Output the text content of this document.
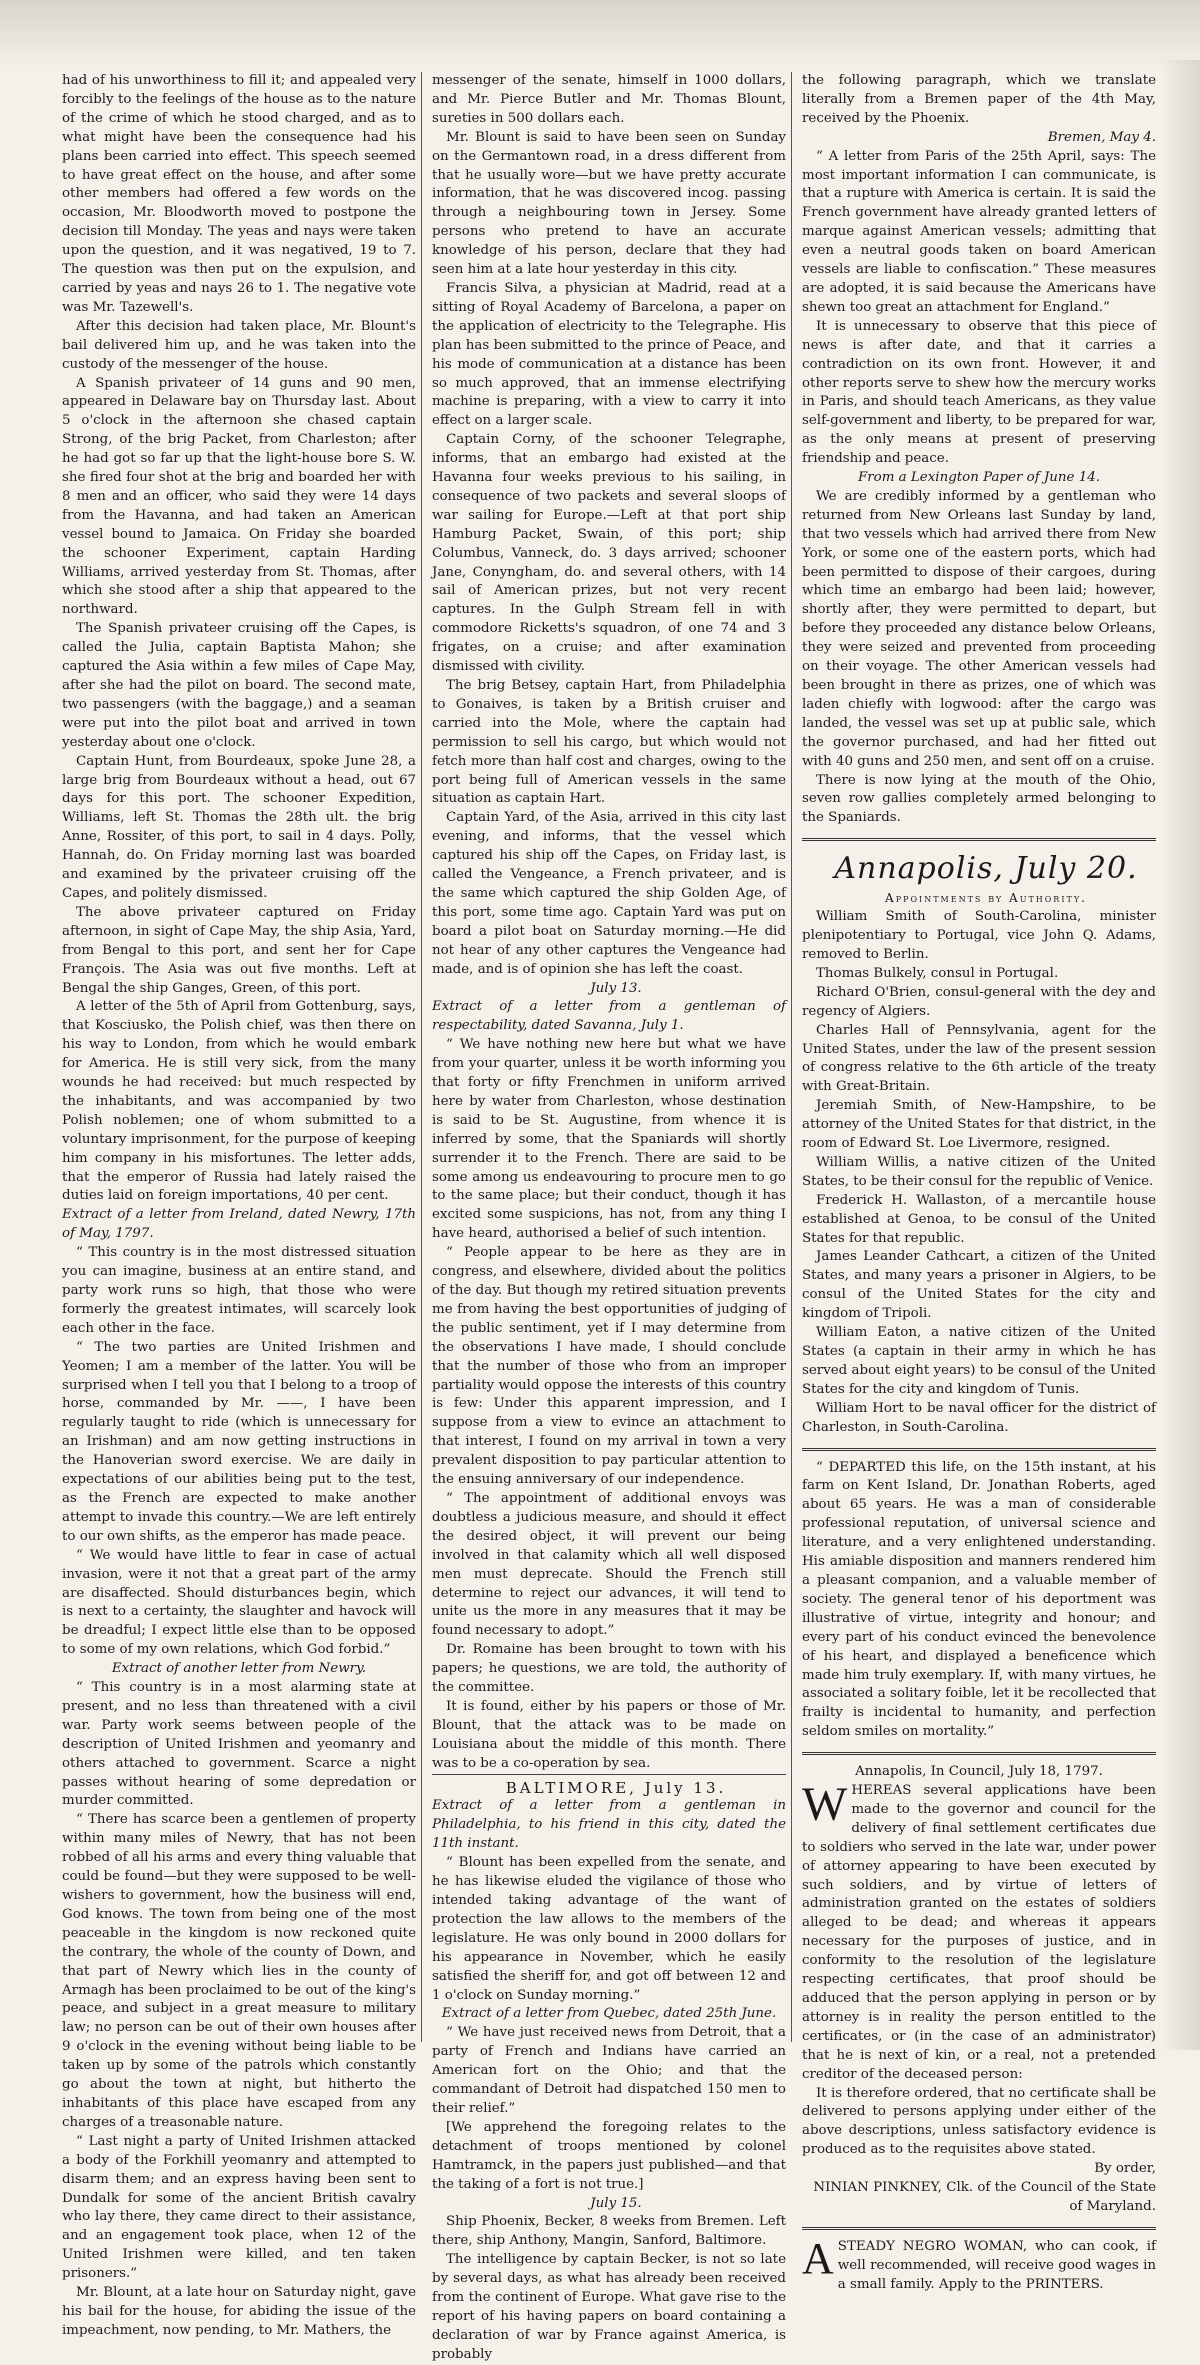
had of his unworthiness to fill it; and appealed very forcibly to the feelings of the house as to the nature of the crime of which he stood charged, and as to what might have been the consequence had his plans been carried into effect. This speech seemed to have great effect on the house, and after some other members had offered a few words on the occasion, Mr. Bloodworth moved to postpone the decision till Monday. The yeas and nays were taken upon the question, and it was negatived, 19 to 7. The question was then put on the expulsion, and carried by yeas and nays 26 to 1. The negative vote was Mr. Tazewell's.

After this decision had taken place, Mr. Blount's bail delivered him up, and he was taken into the custody of the messenger of the house.

A Spanish privateer of 14 guns and 90 men, appeared in Delaware bay on Thursday last. About 5 o'clock in the afternoon she chased captain Strong, of the brig Packet, from Charleston; after he had got so far up that the light-house bore S. W. she fired four shot at the brig and boarded her with 8 men and an officer, who said they were 14 days from the Havanna, and had taken an American vessel bound to Jamaica. On Friday she boarded the schooner Experiment, captain Harding Williams, arrived yesterday from St. Thomas, after which she stood after a ship that appeared to the northward.

The Spanish privateer cruising off the Capes, is called the Julia, captain Baptista Mahon; she captured the Asia within a few miles of Cape May, after she had the pilot on board. The second mate, two passengers (with the baggage,) and a seaman were put into the pilot boat and arrived in town yesterday about one o'clock.

Captain Hunt, from Bourdeaux, spoke June 28, a large brig from Bourdeaux without a head, out 67 days for this port. The schooner Expedition, Williams, left St. Thomas the 28th ult. the brig Anne, Rossiter, of this port, to sail in 4 days. Polly, Hannah, do. On Friday morning last was boarded and examined by the privateer cruising off the Capes, and politely dismissed.

The above privateer captured on Friday afternoon, in sight of Cape May, the ship Asia, Yard, from Bengal to this port, and sent her for Cape François. The Asia was out five months. Left at Bengal the ship Ganges, Green, of this port.

A letter of the 5th of April from Gottenburg, says, that Kosciusko, the Polish chief, was then there on his way to London, from which he would embark for America. He is still very sick, from the many wounds he had received: but much respected by the inhabitants, and was accompanied by two Polish noblemen; one of whom submitted to a voluntary imprisonment, for the purpose of keeping him company in his misfortunes. The letter adds, that the emperor of Russia had lately raised the duties laid on foreign importations, 40 per cent.

Extract of a letter from Ireland, dated Newry, 17th of May, 1797.

“ This country is in the most distressed situation you can imagine, business at an entire stand, and party work runs so high, that those who were formerly the greatest intimates, will scarcely look each other in the face.

“ The two parties are United Irishmen and Yeomen; I am a member of the latter. You will be surprised when I tell you that I belong to a troop of horse, commanded by Mr. ——, I have been regularly taught to ride (which is unnecessary for an Irishman) and am now getting instructions in the Hanoverian sword exercise. We are daily in expectations of our abilities being put to the test, as the French are expected to make another attempt to invade this country.—We are left entirely to our own shifts, as the emperor has made peace.

“ We would have little to fear in case of actual invasion, were it not that a great part of the army are disaffected. Should disturbances begin, which is next to a certainty, the slaughter and havock will be dreadful; I expect little else than to be opposed to some of my own relations, which God forbid.”

Extract of another letter from Newry.

“ This country is in a most alarming state at present, and no less than threatened with a civil war. Party work seems between people of the description of United Irishmen and yeomanry and others attached to government. Scarce a night passes without hearing of some depredation or murder committed.

“ There has scarce been a gentlemen of property within many miles of Newry, that has not been robbed of all his arms and every thing valuable that could be found—but they were supposed to be well-wishers to government, how the business will end, God knows. The town from being one of the most peaceable in the kingdom is now reckoned quite the contrary, the whole of the county of Down, and that part of Newry which lies in the county of Armagh has been proclaimed to be out of the king's peace, and subject in a great measure to military law; no person can be out of their own houses after 9 o'clock in the evening without being liable to be taken up by some of the patrols which constantly go about the town at night, but hitherto the inhabitants of this place have escaped from any charges of a treasonable nature.

“ Last night a party of United Irishmen attacked a body of the Forkhill yeomanry and attempted to disarm them; and an express having been sent to Dundalk for some of the ancient British cavalry who lay there, they came direct to their assistance, and an engagement took place, when 12 of the United Irishmen were killed, and ten taken prisoners.”

Mr. Blount, at a late hour on Saturday night, gave his bail for the house, for abiding the issue of the impeachment, now pending, to Mr. Mathers, the

messenger of the senate, himself in 1000 dollars, and Mr. Pierce Butler and Mr. Thomas Blount, sureties in 500 dollars each.

Mr. Blount is said to have been seen on Sunday on the Germantown road, in a dress different from that he usually wore—but we have pretty accurate information, that he was discovered incog. passing through a neighbouring town in Jersey. Some persons who pretend to have an accurate knowledge of his person, declare that they had seen him at a late hour yesterday in this city.

Francis Silva, a physician at Madrid, read at a sitting of Royal Academy of Barcelona, a paper on the application of electricity to the Telegraphe. His plan has been submitted to the prince of Peace, and his mode of communication at a distance has been so much approved, that an immense electrifying machine is preparing, with a view to carry it into effect on a larger scale.

Captain Corny, of the schooner Telegraphe, informs, that an embargo had existed at the Havanna four weeks previous to his sailing, in consequence of two packets and several sloops of war sailing for Europe.—Left at that port ship Hamburg Packet, Swain, of this port; ship Columbus, Vanneck, do. 3 days arrived; schooner Jane, Conyngham, do. and several others, with 14 sail of American prizes, but not very recent captures. In the Gulph Stream fell in with commodore Ricketts's squadron, of one 74 and 3 frigates, on a cruise; and after examination dismissed with civility.

The brig Betsey, captain Hart, from Philadelphia to Gonaives, is taken by a British cruiser and carried into the Mole, where the captain had permission to sell his cargo, but which would not fetch more than half cost and charges, owing to the port being full of American vessels in the same situation as captain Hart.

Captain Yard, of the Asia, arrived in this city last evening, and informs, that the vessel which captured his ship off the Capes, on Friday last, is called the Vengeance, a French privateer, and is the same which captured the ship Golden Age, of this port, some time ago. Captain Yard was put on board a pilot boat on Saturday morning.—He did not hear of any other captures the Vengeance had made, and is of opinion she has left the coast.

July 13.

Extract of a letter from a gentleman of respectability, dated Savanna, July 1.

“ We have nothing new here but what we have from your quarter, unless it be worth informing you that forty or fifty Frenchmen in uniform arrived here by water from Charleston, whose destination is said to be St. Augustine, from whence it is inferred by some, that the Spaniards will shortly surrender it to the French. There are said to be some among us endeavouring to procure men to go to the same place; but their conduct, though it has excited some suspicions, has not, from any thing I have heard, authorised a belief of such intention.

“ People appear to be here as they are in congress, and elsewhere, divided about the politics of the day. But though my retired situation prevents me from having the best opportunities of judging of the public sentiment, yet if I may determine from the observations I have made, I should conclude that the number of those who from an improper partiality would oppose the interests of this country is few: Under this apparent impression, and I suppose from a view to evince an attachment to that interest, I found on my arrival in town a very prevalent disposition to pay particular attention to the ensuing anniversary of our independence.

“ The appointment of additional envoys was doubtless a judicious measure, and should it effect the desired object, it will prevent our being involved in that calamity which all well disposed men must deprecate. Should the French still determine to reject our advances, it will tend to unite us the more in any measures that it may be found necessary to adopt.”

Dr. Romaine has been brought to town with his papers; he questions, we are told, the authority of the committee.

It is found, either by his papers or those of Mr. Blount, that the attack was to be made on Louisiana about the middle of this month. There was to be a co-operation by sea.

BALTIMORE, July 13.

Extract of a letter from a gentleman in Philadelphia, to his friend in this city, dated the 11th instant.

“ Blount has been expelled from the senate, and he has likewise eluded the vigilance of those who intended taking advantage of the want of protection the law allows to the members of the legislature. He was only bound in 2000 dollars for his appearance in November, which he easily satisfied the sheriff for, and got off between 12 and 1 o'clock on Sunday morning.”

Extract of a letter from Quebec, dated 25th June.

“ We have just received news from Detroit, that a party of French and Indians have carried an American fort on the Ohio; and that the commandant of Detroit had dispatched 150 men to their relief.”

[We apprehend the foregoing relates to the detachment of troops mentioned by colonel Hamtramck, in the papers just published—and that the taking of a fort is not true.]

July 15.

Ship Phoenix, Becker, 8 weeks from Bremen. Left there, ship Anthony, Mangin, Sanford, Baltimore.

The intelligence by captain Becker, is not so late by several days, as what has already been received from the continent of Europe. What gave rise to the report of his having papers on board containing a declaration of war by France against America, is probably

the following paragraph, which we translate literally from a Bremen paper of the 4th May, received by the Phoenix.

Bremen, May 4.

“ A letter from Paris of the 25th April, says: The most important information I can communicate, is that a rupture with America is certain. It is said the French government have already granted letters of marque against American vessels; admitting that even a neutral goods taken on board American vessels are liable to confiscation.” These measures are adopted, it is said because the Americans have shewn too great an attachment for England.”

It is unnecessary to observe that this piece of news is after date, and that it carries a contradiction on its own front. However, it and other reports serve to shew how the mercury works in Paris, and should teach Americans, as they value self-government and liberty, to be prepared for war, as the only means at present of preserving friendship and peace.

From a Lexington Paper of June 14.

We are credibly informed by a gentleman who returned from New Orleans last Sunday by land, that two vessels which had arrived there from New York, or some one of the eastern ports, which had been permitted to dispose of their cargoes, during which time an embargo had been laid; however, shortly after, they were permitted to depart, but before they proceeded any distance below Orleans, they were seized and prevented from proceeding on their voyage. The other American vessels had been brought in there as prizes, one of which was laden chiefly with logwood: after the cargo was landed, the vessel was set up at public sale, which the governor purchased, and had her fitted out with 40 guns and 250 men, and sent off on a cruise.

There is now lying at the mouth of the Ohio, seven row gallies completely armed belonging to the Spaniards.

Annapolis, July 20.

Appointments by Authority.

William Smith of South-Carolina, minister plenipotentiary to Portugal, vice John Q. Adams, removed to Berlin.

Thomas Bulkely, consul in Portugal.

Richard O'Brien, consul-general with the dey and regency of Algiers.

Charles Hall of Pennsylvania, agent for the United States, under the law of the present session of congress relative to the 6th article of the treaty with Great-Britain.

Jeremiah Smith, of New-Hampshire, to be attorney of the United States for that district, in the room of Edward St. Loe Livermore, resigned.

William Willis, a native citizen of the United States, to be their consul for the republic of Venice.

Frederick H. Wallaston, of a mercantile house established at Genoa, to be consul of the United States for that republic.

James Leander Cathcart, a citizen of the United States, and many years a prisoner in Algiers, to be consul of the United States for the city and kingdom of Tripoli.

William Eaton, a native citizen of the United States (a captain in their army in which he has served about eight years) to be consul of the United States for the city and kingdom of Tunis.

William Hort to be naval officer for the district of Charleston, in South-Carolina.

“ DEPARTED this life, on the 15th instant, at his farm on Kent Island, Dr. Jonathan Roberts, aged about 65 years. He was a man of considerable professional reputation, of universal science and literature, and a very enlightened understanding. His amiable disposition and manners rendered him a pleasant companion, and a valuable member of society. The general tenor of his deportment was illustrative of virtue, integrity and honour; and every part of his conduct evinced the benevolence of his heart, and displayed a beneficence which made him truly exemplary. If, with many virtues, he associated a solitary foible, let it be recollected that frailty is incidental to humanity, and perfection seldom smiles on mortality.”

Annapolis, In Council, July 18, 1797.

WHEREAS several applications have been made to the governor and council for the delivery of final settlement certificates due to soldiers who served in the late war, under power of attorney appearing to have been executed by such soldiers, and by virtue of letters of administration granted on the estates of soldiers alleged to be dead; and whereas it appears necessary for the purposes of justice, and in conformity to the resolution of the legislature respecting certificates, that proof should be adduced that the person applying in person or by attorney is in reality the person entitled to the certificates, or (in the case of an administrator) that he is next of kin, or a real, not a pretended creditor of the deceased person:

It is therefore ordered, that no certificate shall be delivered to persons applying under either of the above descriptions, unless satisfactory evidence is produced as to the requisites above stated.

By order,

NINIAN PINKNEY, Clk. of the Council of the State of Maryland.

ASTEADY NEGRO WOMAN, who can cook, if well recommended, will receive good wages in a small family. Apply to the PRINTERS.
